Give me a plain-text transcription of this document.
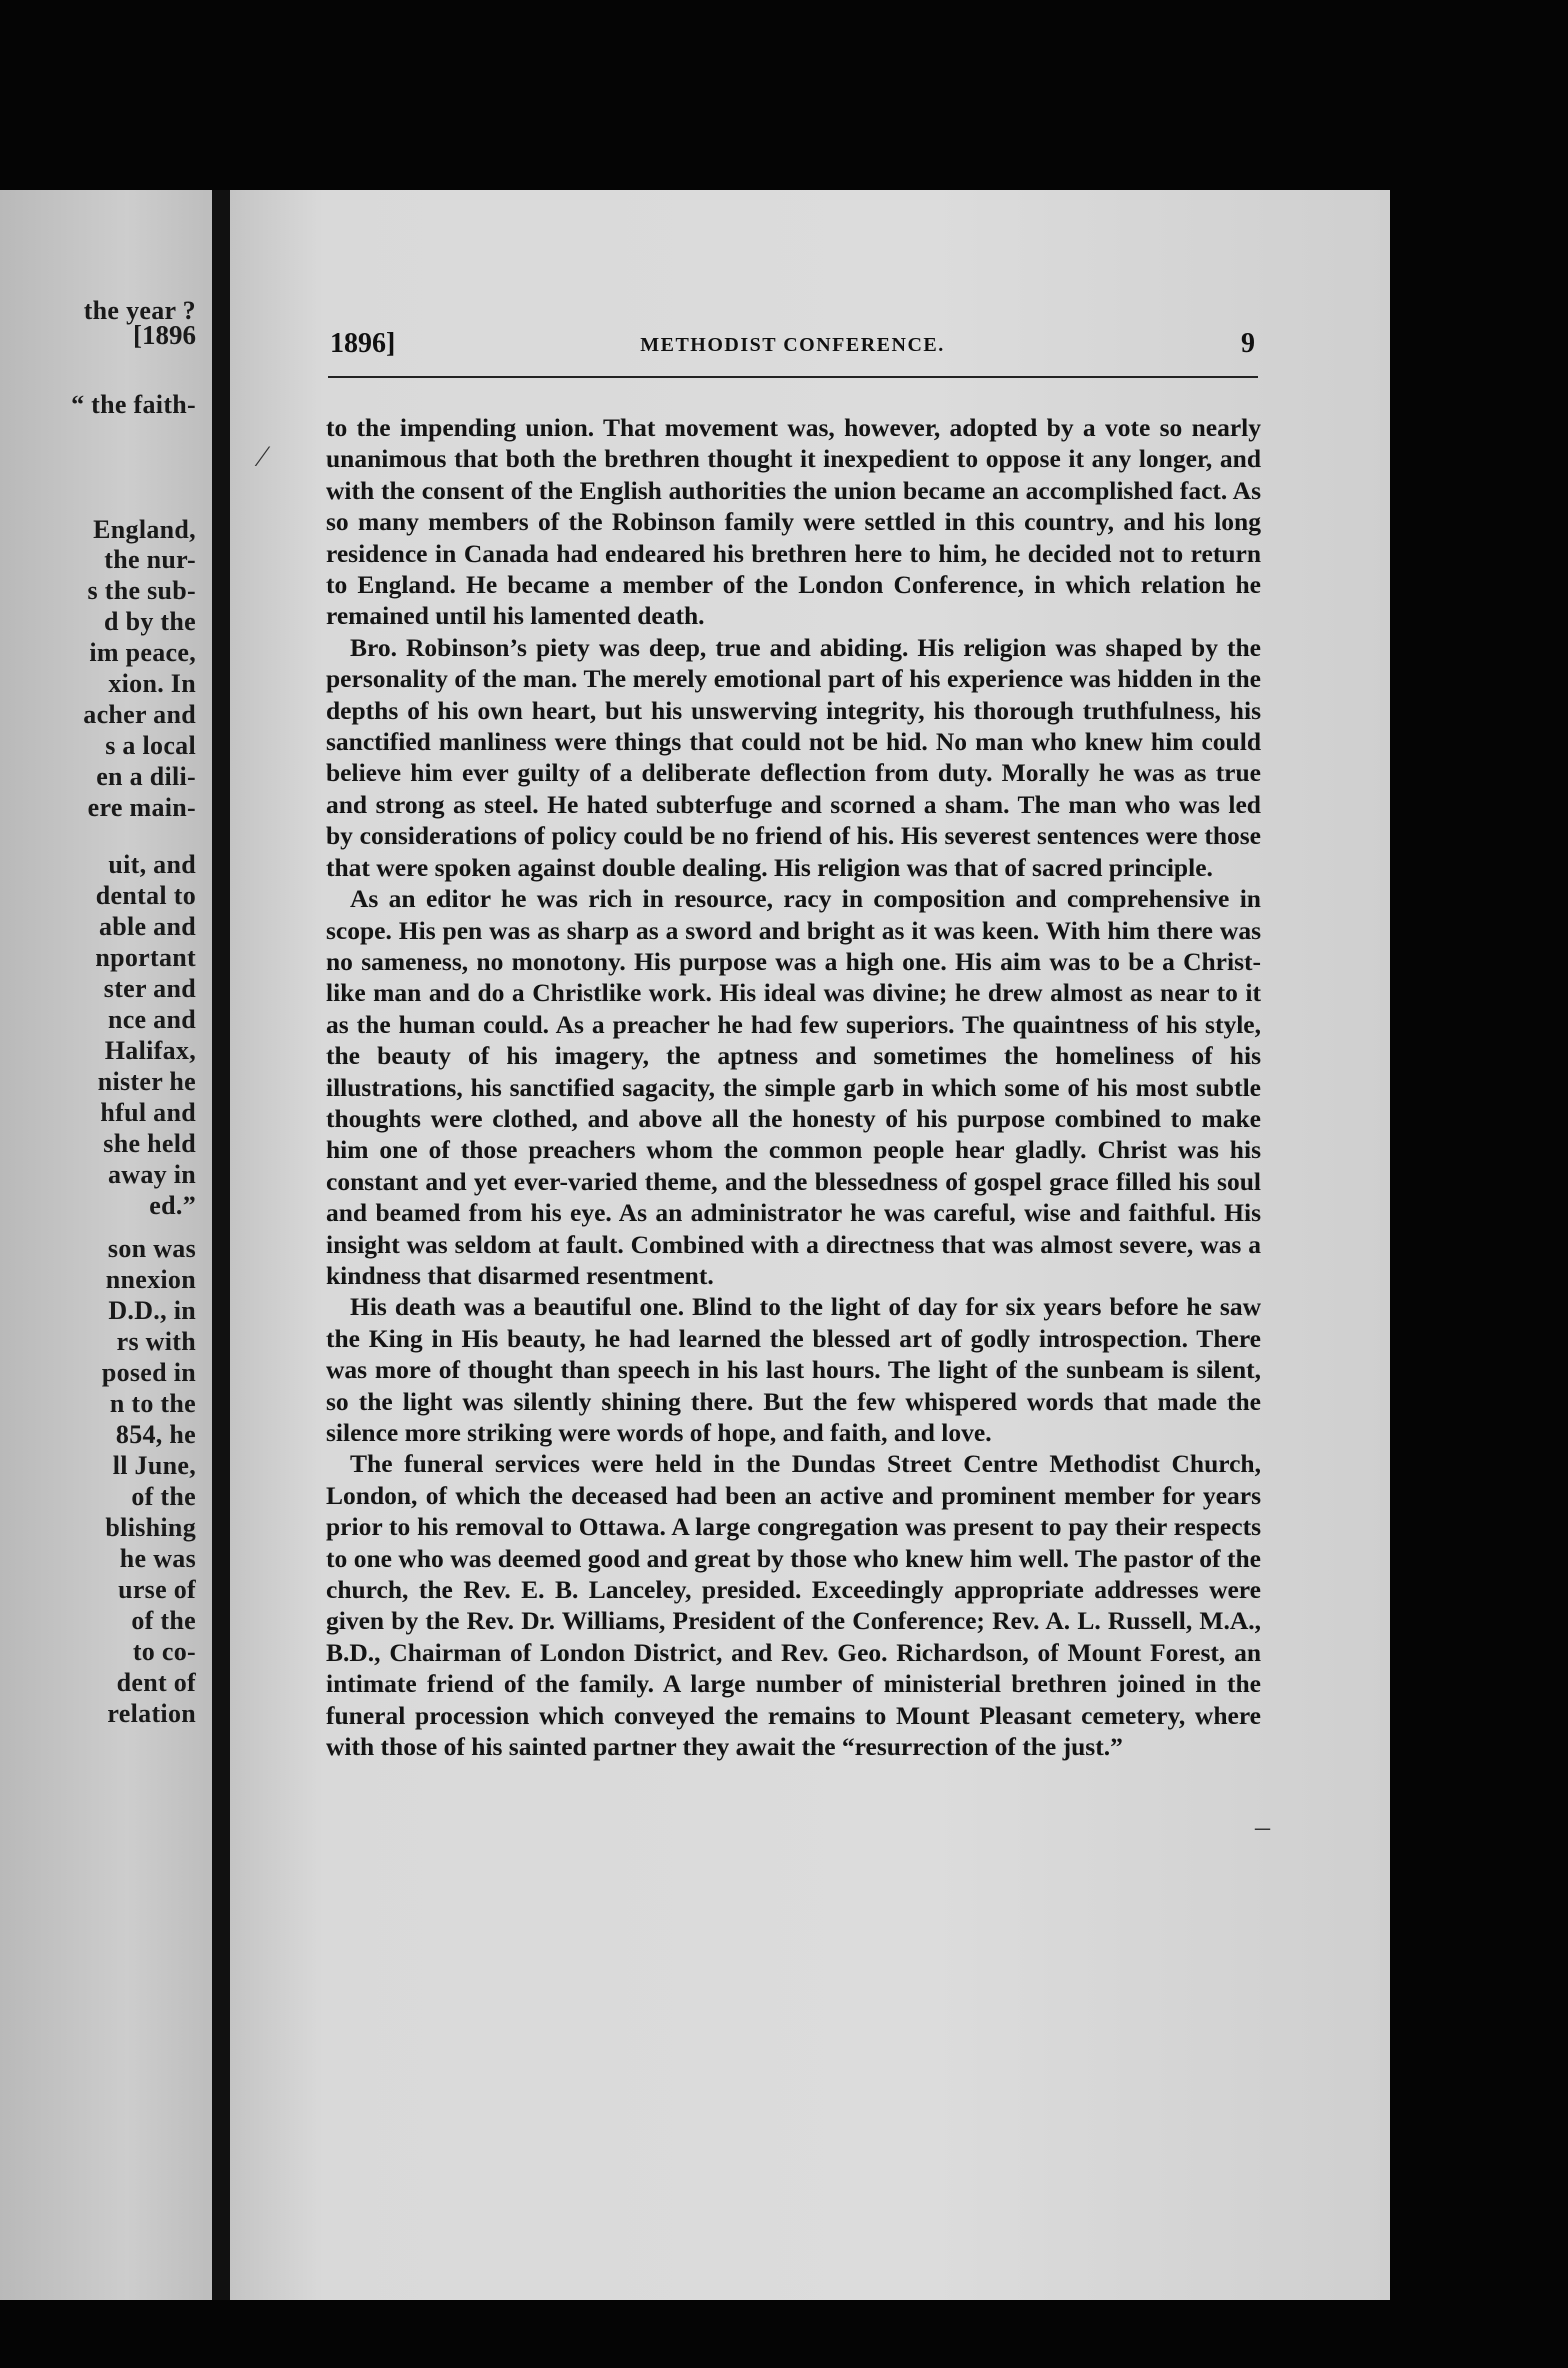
[1896
the year ?
“ the faith-
England,
the nur-
s the sub-
d by the
im peace,
xion. In
acher and
s a local
en a dili-
ere main-
uit, and
dental to
able and
nportant
ster and
nce and
Halifax,
nister he
hful and
she held
away in
ed.”
son was
nnexion
D.D., in
rs with
posed in
n to the
854, he
ll June,
of the
blishing
he was
urse of
of the
to co-
dent of
relation
1896]	METHODIST CONFERENCE.	9

to the impending union. That movement was, however, adopted by a vote so nearly unanimous that both the brethren thought it inexpedient to oppose it any longer, and with the consent of the English authorities the union became an accomplished fact. As so many members of the Robinson family were settled in this country, and his long residence in Canada had endeared his brethren here to him, he decided not to return to England. He became a member of the London Conference, in which relation he remained until his lamented death.

Bro. Robinson’s piety was deep, true and abiding. His religion was shaped by the personality of the man. The merely emotional part of his experience was hidden in the depths of his own heart, but his unswerving integrity, his thorough truthfulness, his sanctified manliness were things that could not be hid. No man who knew him could believe him ever guilty of a deliberate deflection from duty. Morally he was as true and strong as steel. He hated subterfuge and scorned a sham. The man who was led by considerations of policy could be no friend of his. His severest sentences were those that were spoken against double dealing. His religion was that of sacred principle.

As an editor he was rich in resource, racy in composition and comprehensive in scope. His pen was as sharp as a sword and bright as it was keen. With him there was no sameness, no monotony. His purpose was a high one. His aim was to be a Christ-like man and do a Christlike work. His ideal was divine; he drew almost as near to it as the human could. As a preacher he had few superiors. The quaintness of his style, the beauty of his imagery, the aptness and sometimes the homeliness of his illustrations, his sanctified sagacity, the simple garb in which some of his most subtle thoughts were clothed, and above all the honesty of his purpose combined to make him one of those preachers whom the common people hear gladly. Christ was his constant and yet ever-varied theme, and the blessedness of gospel grace filled his soul and beamed from his eye. As an administrator he was careful, wise and faithful. His insight was seldom at fault. Combined with a directness that was almost severe, was a kindness that disarmed resentment.

His death was a beautiful one. Blind to the light of day for six years before he saw the King in His beauty, he had learned the blessed art of godly introspection. There was more of thought than speech in his last hours. The light of the sunbeam is silent, so the light was silently shining there. But the few whispered words that made the silence more striking were words of hope, and faith, and love.

The funeral services were held in the Dundas Street Centre Methodist Church, London, of which the deceased had been an active and prominent member for years prior to his removal to Ottawa. A large congregation was present to pay their respects to one who was deemed good and great by those who knew him well. The pastor of the church, the Rev. E. B. Lanceley, presided. Exceedingly appropriate addresses were given by the Rev. Dr. Williams, President of the Conference; Rev. A. L. Russell, M.A., B.D., Chairman of London District, and Rev. Geo. Richardson, of Mount Forest, an intimate friend of the family. A large number of ministerial brethren joined in the funeral procession which conveyed the remains to Mount Pleasant cemetery, where with those of his sainted partner they await the “resurrection of the just.”

⁄
–
